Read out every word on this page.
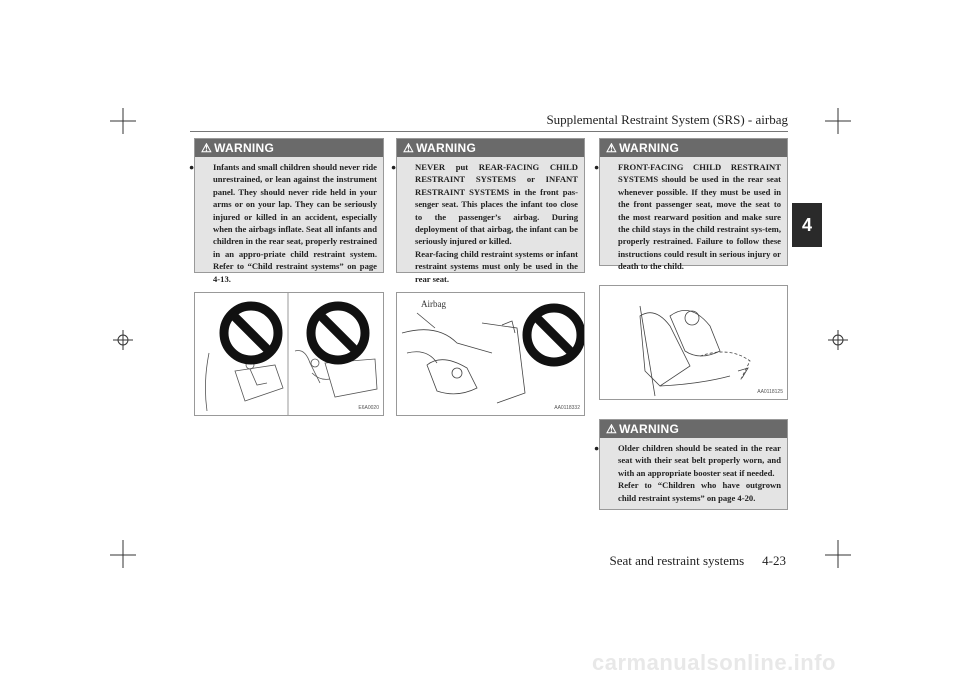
Supplemental Restraint System (SRS) - airbag
4
⚠ WARNING

● Infants and small children should never ride unrestrained, or lean against the instrument panel. They should never ride held in your arms or on your lap. They can be seriously injured or killed in an accident, especially when the airbags inflate. Seat all infants and children in the rear seat, properly restrained in an appro-priate child restraint system. Refer to “Child restraint systems” on page 4-13.

⚠ WARNING

● NEVER put REAR-FACING CHILD RESTRAINT SYSTEMS or INFANT RESTRAINT SYSTEMS in the front pas-senger seat. This places the infant too close to the passenger’s airbag. During deployment of that airbag, the infant can be seriously injured or killed.

Rear-facing child restraint systems or infant restraint systems must only be used in the rear seat.

⚠ WARNING

● FRONT-FACING CHILD RESTRAINT SYSTEMS should be used in the rear seat whenever possible. If they must be used in the front passenger seat, move the seat to the most rearward position and make sure the child stays in the child restraint sys-tem, properly restrained. Failure to follow these instructions could result in serious injury or death to the child.

E6A0020
Airbag
AA0118332
AA0118125
⚠ WARNING

● Older children should be seated in the rear seat with their seat belt properly worn, and with an appropriate booster seat if needed.

Refer to “Children who have outgrown child restraint systems” on page 4-20.

Seat and restraint systems 4-23
carmanualsonline.info
